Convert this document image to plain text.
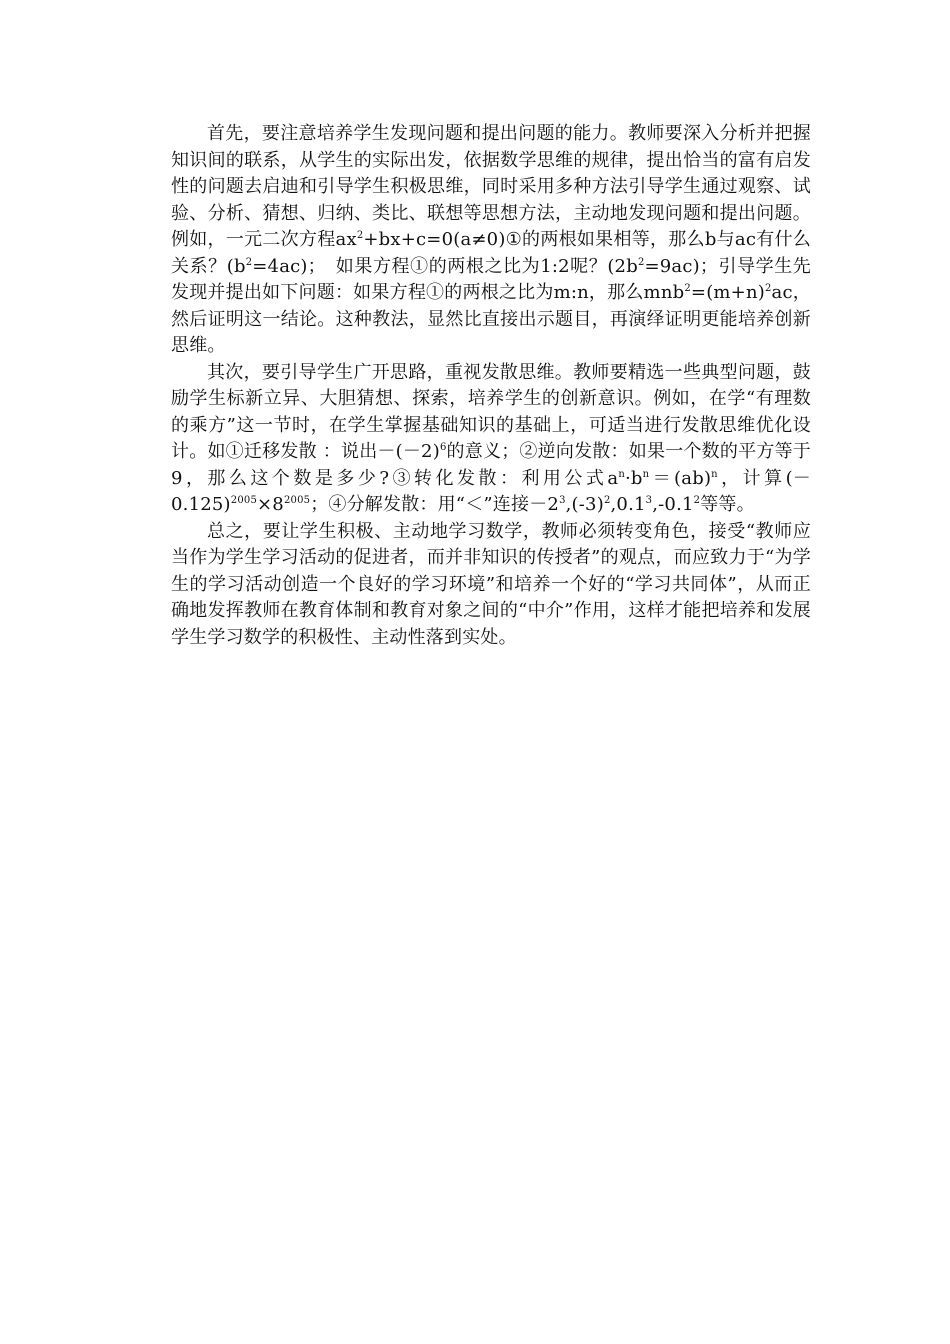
首先，要注意培养学生发现问题和提出问题的能力。教师要深入分析并把握知识间的联系，从学生的实际出发，依据数学思维的规律，提出恰当的富有启发性的问题去启迪和引导学生积极思维，同时采用多种方法引导学生通过观察、试验、分析、猜想、归纳、类比、联想等思想方法，主动地发现问题和提出问题。例如，一元二次方程$ax^2+bx+c=0(a\ne 0)①$的两根如果相等，那么b与ac有什么关系？$(b^2=4ac)$；　如果方程①的两根之比为1:2呢？$(2b^2=9ac)$；引导学生先发现并提出如下问题：如果方程①的两根之比为m:n，那么$mnb^2=(m+n)^2ac$，然后证明这一结论。这种教法，显然比直接出示题目，再演绎证明更能培养创新思维。

其次，要引导学生广开思路，重视发散思维。教师要精选一些典型问题，鼓励学生标新立异、大胆猜想、探索，培养学生的创新意识。例如，在学“有理数的乘方”这一节时，在学生掌握基础知识的基础上，可适当进行发散思维优化设计。如①迁移发散 ：说出$-(-2)^6$的意义；②逆向发散：如果一个数的平方等于9，那么这个数是多少?③转化发散：利用公式$a^n\cdot b^n=(ab)^n$，计算$(-0.125)^{2005}\times 8^{2005}$；④分解发散：用“＜”连接$-2^3,(-3)^2,0.1^3,-0.1^2$等等。

总之，要让学生积极、主动地学习数学，教师必须转变角色，接受“教师应当作为学生学习活动的促进者，而并非知识的传授者”的观点，而应致力于“为学生的学习活动创造一个良好的学习环境”和培养一个好的“学习共同体”，从而正确地发挥教师在教育体制和教育对象之间的“中介”作用，这样才能把培养和发展学生学习数学的积极性、主动性落到实处。
